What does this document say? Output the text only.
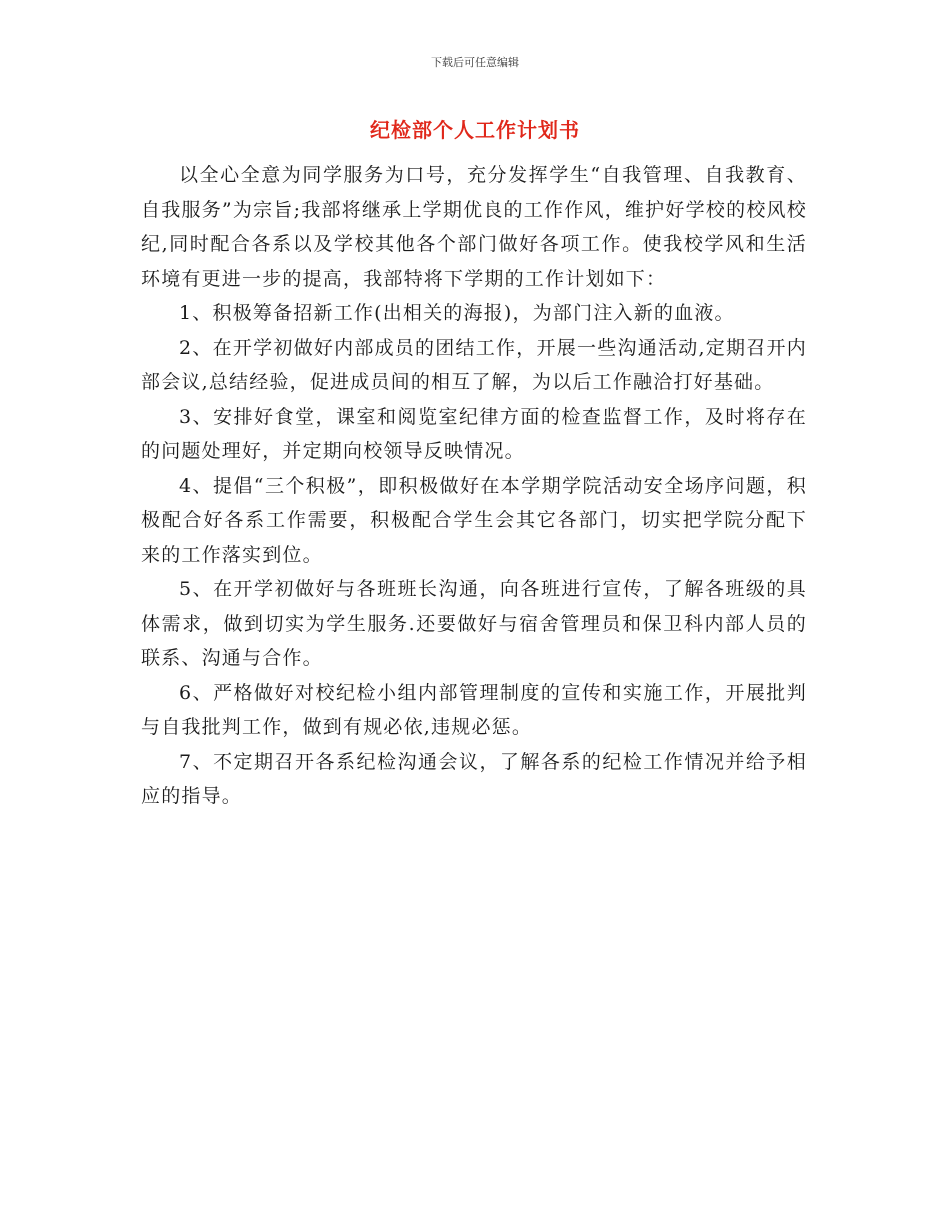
下载后可任意编辑
纪检部个人工作计划书

以全心全意为同学服务为口号，充分发挥学生“自我管理、自我教育、自我服务”为宗旨;我部将继承上学期优良的工作作风，维护好学校的校风校纪,同时配合各系以及学校其他各个部门做好各项工作。使我校学风和生活环境有更进一步的提高，我部特将下学期的工作计划如下：

1、积极筹备招新工作(出相关的海报)，为部门注入新的血液。

2、在开学初做好内部成员的团结工作，开展一些沟通活动,定期召开内部会议,总结经验，促进成员间的相互了解，为以后工作融洽打好基础。

3、安排好食堂，课室和阅览室纪律方面的检查监督工作，及时将存在的问题处理好，并定期向校领导反映情况。

4、提倡“三个积极”，即积极做好在本学期学院活动安全场序问题，积极配合好各系工作需要，积极配合学生会其它各部门，切实把学院分配下来的工作落实到位。

5、在开学初做好与各班班长沟通，向各班进行宣传，了解各班级的具体需求，做到切实为学生服务.还要做好与宿舍管理员和保卫科内部人员的联系、沟通与合作。

6、严格做好对校纪检小组内部管理制度的宣传和实施工作，开展批判与自我批判工作，做到有规必依,违规必惩。

7、不定期召开各系纪检沟通会议，了解各系的纪检工作情况并给予相应的指导。
